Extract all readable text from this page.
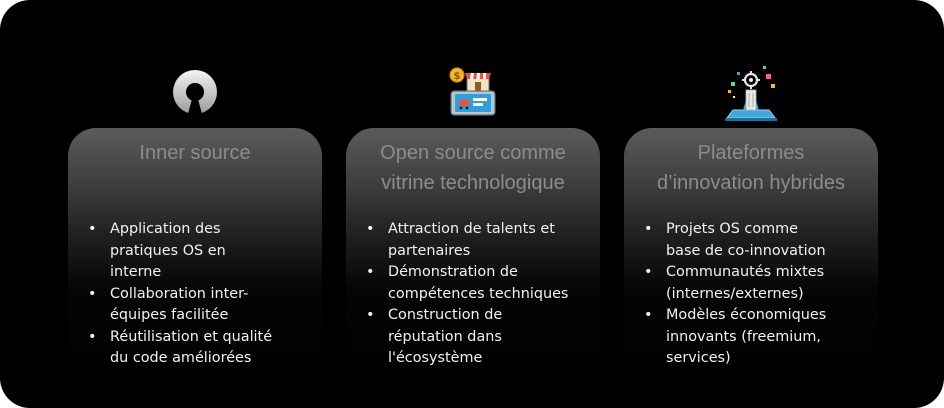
Inner source
• Application des
pratiques OS en
interne
• Collaboration inter-
équipes facilitée
• Réutilisation et qualité
du code améliorées
$
Open source comme
vitrine technologique
• Attraction de talents et
partenaires
• Démonstration de
compétences techniques
• Construction de
réputation dans
l'écosystème
Plateformes
d’innovation hybrides
• Projets OS comme
base de co-innovation
• Communautés mixtes
(internes/externes)
• Modèles économiques
innovants (freemium,
services)
